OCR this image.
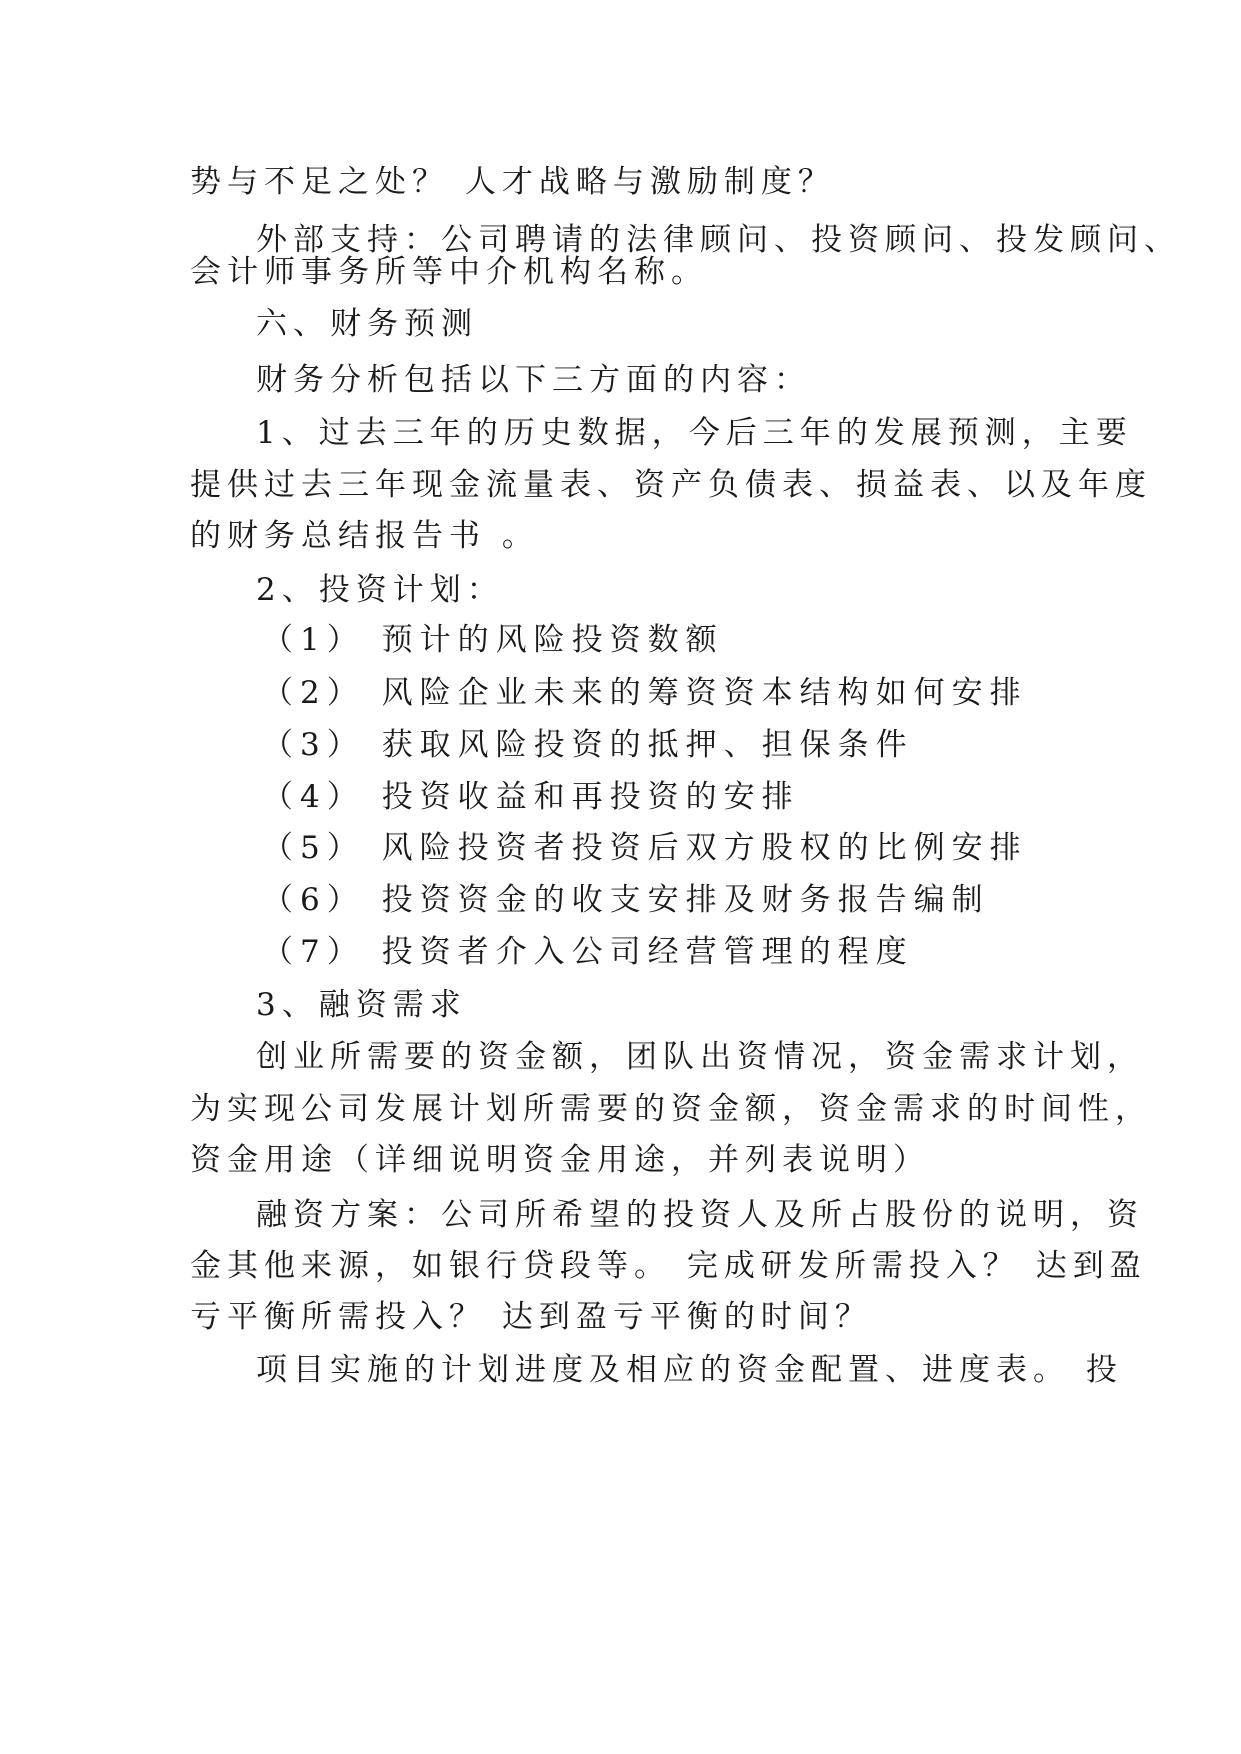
势与不足之处？ 人才战略与激励制度？
外部支持：公司聘请的法律顾问、投资顾问、投发顾问、
会计师事务所等中介机构名称。
六、财务预测
财务分析包括以下三方面的内容：
1、过去三年的历史数据，今后三年的发展预测，主要
提供过去三年现金流量表、资产负债表、损益表、以及年度
的财务总结报告书 。
2、投资计划：
（1） 预计的风险投资数额
（2） 风险企业未来的筹资资本结构如何安排
（3） 获取风险投资的抵押、担保条件
（4） 投资收益和再投资的安排
（5） 风险投资者投资后双方股权的比例安排
（6） 投资资金的收支安排及财务报告编制
（7） 投资者介入公司经营管理的程度
3、融资需求
创业所需要的资金额，团队出资情况，资金需求计划，
为实现公司发展计划所需要的资金额，资金需求的时间性，
资金用途（详细说明资金用途，并列表说明）
融资方案：公司所希望的投资人及所占股份的说明，资
金其他来源，如银行贷段等。 完成研发所需投入？ 达到盈
亏平衡所需投入？ 达到盈亏平衡的时间？
项目实施的计划进度及相应的资金配置、进度表。 投
